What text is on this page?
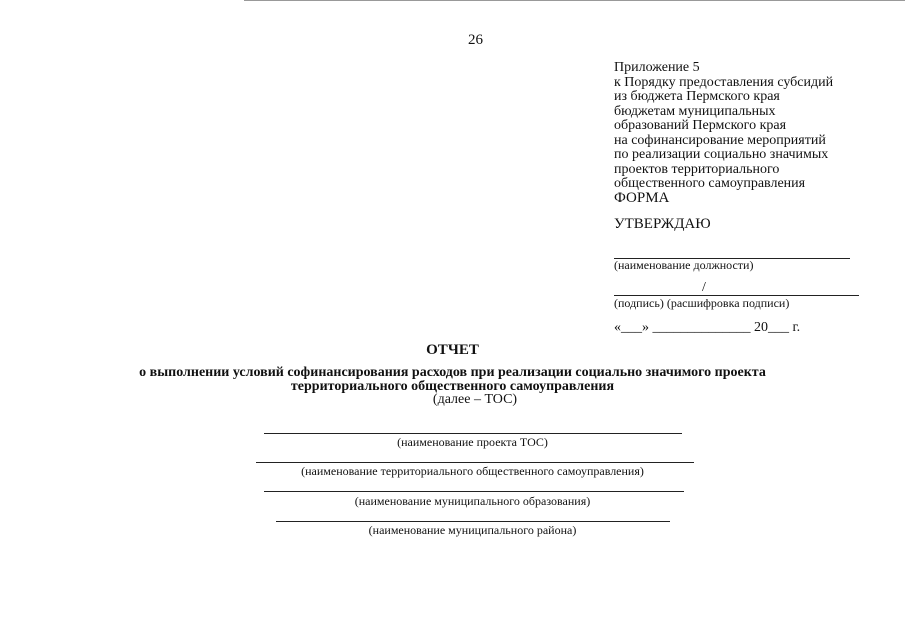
26
Приложение 5
к Порядку предоставления субсидий
из бюджета Пермского края
бюджетам муниципальных
образований Пермского края
на софинансирование мероприятий
по реализации социально значимых
проектов территориального
общественного самоуправления
ФОРМА
УТВЕРЖДАЮ
(наименование должности)
/
(подпись) (расшифровка подписи)
«___» ______________ 20___ г.
ОТЧЕТ
о выполнении условий софинансирования расходов при реализации социально значимого проекта
территориального общественного самоуправления
(далее – ТОС)
(наименование проекта ТОС)
(наименование территориального общественного самоуправления)
(наименование муниципального образования)
(наименование муниципального района)
